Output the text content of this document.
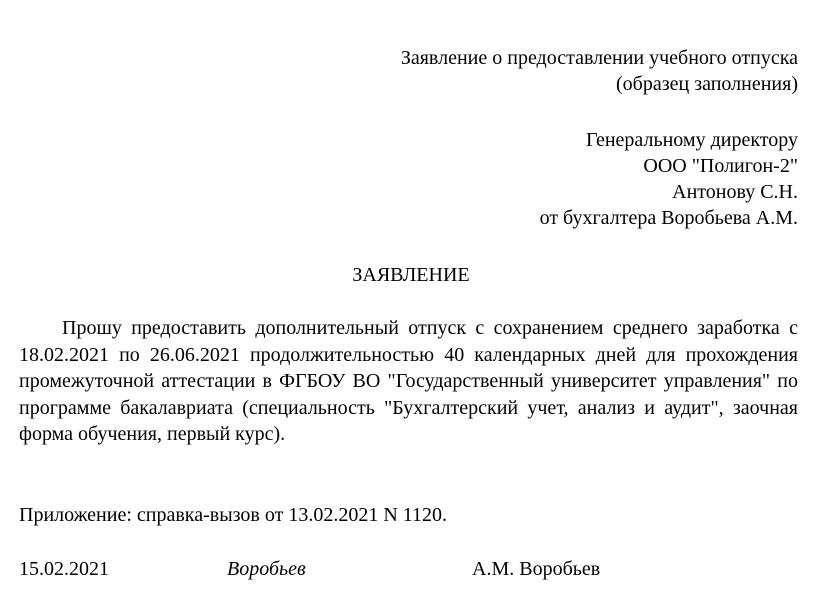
Заявление о предоставлении учебного отпуска
(образец заполнения)
Генеральному директору
ООО "Полигон-2"
Антонову С.Н.
от бухгалтера Воробьева А.М.
ЗАЯВЛЕНИЕ
Прошу предоставить дополнительный отпуск с сохранением среднего заработка с 18.02.2021 по 26.06.2021 продолжительностью 40 календарных дней для прохождения промежуточной аттестации в ФГБОУ ВО "Государственный университет управления" по программе бакалавриата (специальность "Бухгалтерский учет, анализ и аудит", заочная форма обучения, первый курс).
Приложение: справка-вызов от 13.02.2021 N 1120.
15.02.2021	Воробьев	А.М. Воробьев
